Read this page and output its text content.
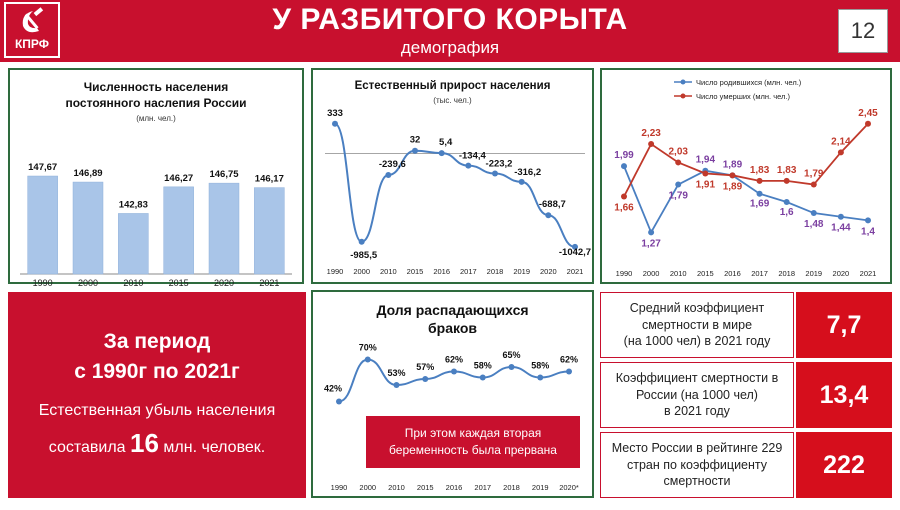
КПРФ
У РАЗБИТОГО КОРЫТА
демография
12
Численность населения
постоянного наслепия России
(млн. чел.)
147,67
1990
146,89
2000
142,83
2010
146,27
2015
146,75
2020
146,17
2021
Естественный прирост населения
(тыс. чел.)
333
1990
-985,5
2000
-239,6
2010
32
2015
5,4
2016
-134,4
2017
-223,2
2018
-316,2
2019
-688,7
2020
-1042,7
2021
Число родившихся (млн. чел.)
Число умерших (млн. чел.)
1,99
1,27
1,79
1,94 1,89
1,69
1,6
1,48 1,44 1,4
1,66
2,23
2,03
1,91 1,89
1,83 1,83 1,79
2,14
2,45
1990 2000 2010 2015 2016 2017 2018 2019 2020 2021
За период
с 1990г по 2021г
Естественная убыль населения
составила 16 млн. человек.
Доля распадающихся
браков
42%
1990
70%
2000
53%
2010
57%
2015
62%
2016
58%
2017
65%
2018
58%
2019
62%
2020*
При этом каждая вторая
беременность была прервана
Средний коэффициент
смертности в мире
(на 1000 чел) в 2021 году
7,7
Коэффициент смертности в
России (на 1000 чел)
в 2021 году
13,4
Место России в рейтинге 229
стран по коэффициенту
смертности
222
